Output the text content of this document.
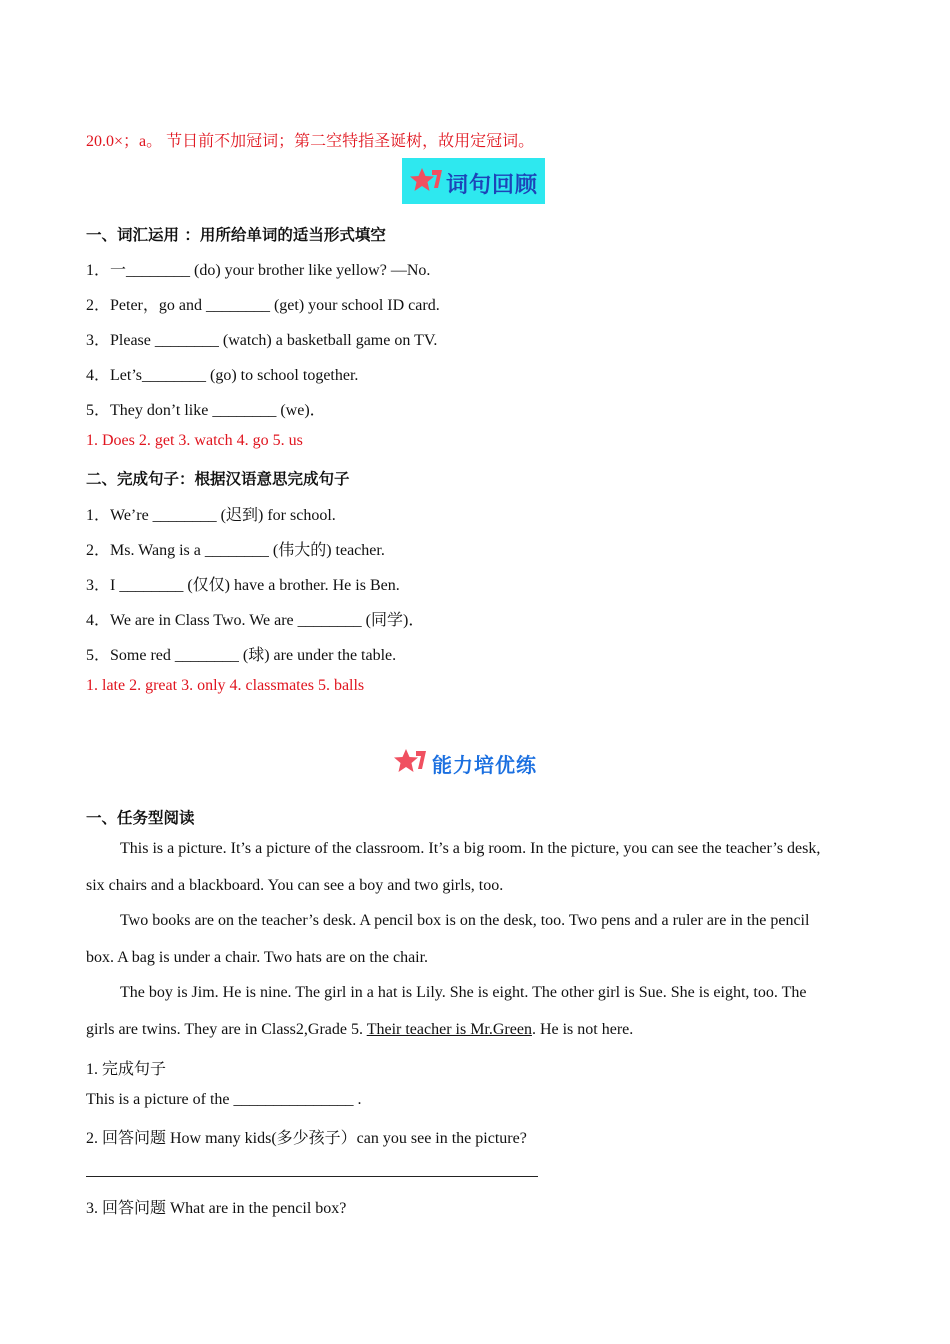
20.0×；a。 节日前不加冠词；第二空特指圣诞树，故用定冠词。
词句回顾
一、词汇运用 ：用所给单词的适当形式填空
1．一________ (do) your brother like yellow? —No.
2．Peter，go and ________ (get) your school ID card.
3．Please ________ (watch) a basketball game on TV.
4．Let’s________ (go) to school together.
5．They don’t like ________ (we)．
1. Does 2. get 3. watch 4. go 5. us
二、完成句子：根据汉语意思完成句子
1．We’re ________ (迟到) for school.
2．Ms. Wang is a ________ (伟大的) teacher.
3．I ________ (仅仅) have a brother. He is Ben.
4．We are in Class Two. We are ________ (同学)．
5．Some red ________ (球) are under the table.
1. late 2. great 3. only 4. classmates 5. balls
能力培优练
一、任务型阅读
This is a picture. It’s a picture of the classroom. It’s a big room. In the picture, you can see the teacher’s desk,
six chairs and a blackboard. You can see a boy and two girls, too.
Two books are on the teacher’s desk. A pencil box is on the desk, too. Two pens and a ruler are in the pencil
box. A bag is under a chair. Two hats are on the chair.
The boy is Jim. He is nine. The girl in a hat is Lily. She is eight. The other girl is Sue. She is eight, too. The
girls are twins. They are in Class2,Grade 5. Their teacher is Mr.Green. He is not here.
1. 完成句子
This is a picture of the _______________ .
2. 回答问题 How many kids(多少孩子）can you see in the picture?
3. 回答问题 What are in the pencil box?
